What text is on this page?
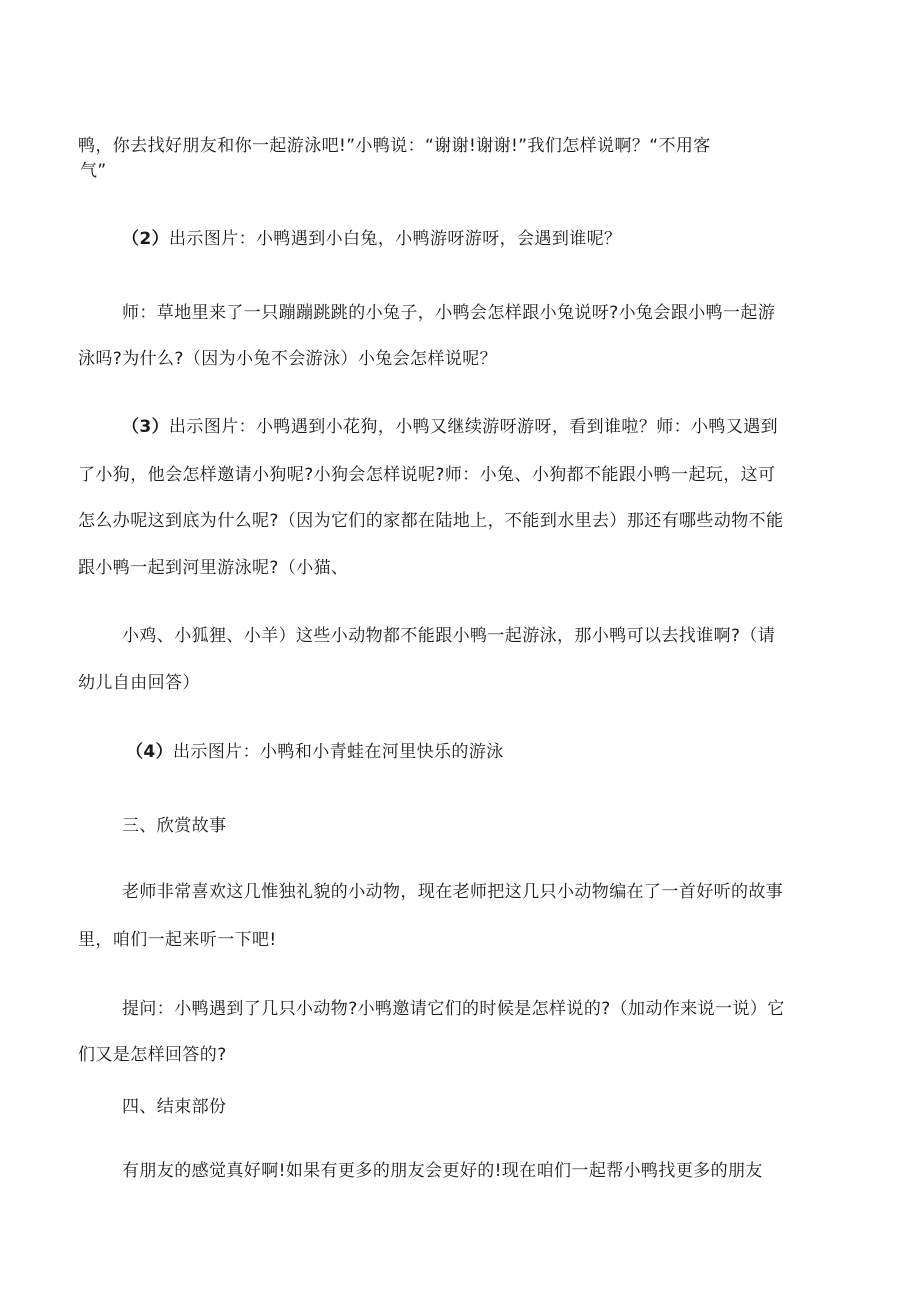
鸭，你去找好朋友和你一起游泳吧!”小鸭说：“谢谢!谢谢!”我们怎样说啊？“不用客
气”
（2）出示图片：小鸭遇到小白兔，小鸭游呀游呀，会遇到谁呢？
师：草地里来了一只蹦蹦跳跳的小兔子，小鸭会怎样跟小兔说呀?小兔会跟小鸭一起游
泳吗?为什么?（因为小兔不会游泳）小兔会怎样说呢？
（3）出示图片：小鸭遇到小花狗，小鸭又继续游呀游呀，看到谁啦？师：小鸭又遇到
了小狗，他会怎样邀请小狗呢?小狗会怎样说呢?师：小兔、小狗都不能跟小鸭一起玩，这可
怎么办呢这到底为什么呢?（因为它们的家都在陆地上，不能到水里去）那还有哪些动物不能
跟小鸭一起到河里游泳呢?（小猫、
小鸡、小狐狸、小羊）这些小动物都不能跟小鸭一起游泳，那小鸭可以去找谁啊?（请
幼儿自由回答）
（4）出示图片：小鸭和小青蛙在河里快乐的游泳
三、欣赏故事
老师非常喜欢这几惟独礼貌的小动物，现在老师把这几只小动物编在了一首好听的故事
里，咱们一起来听一下吧!
提问：小鸭遇到了几只小动物?小鸭邀请它们的时候是怎样说的?（加动作来说一说）它
们又是怎样回答的?
四、结束部份
有朋友的感觉真好啊!如果有更多的朋友会更好的!现在咱们一起帮小鸭找更多的朋友
